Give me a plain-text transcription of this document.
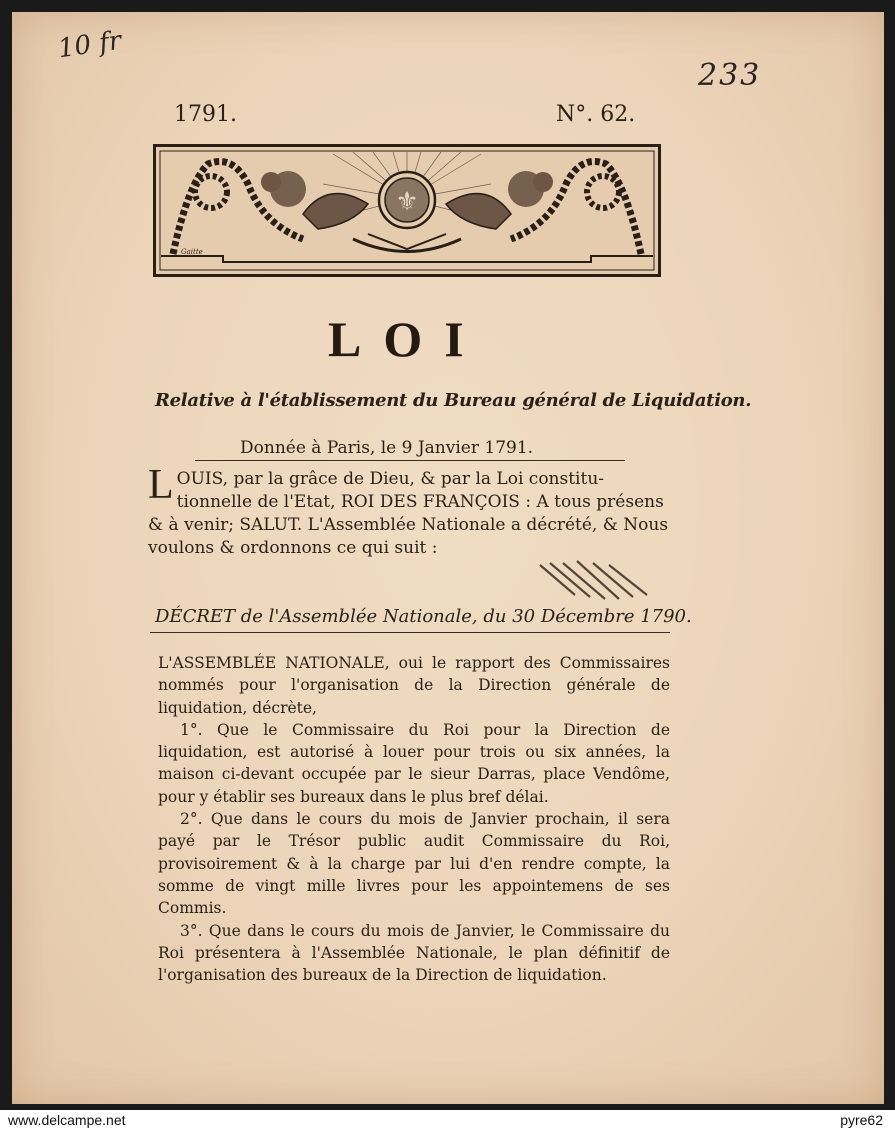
10 fr
233
1791.	N°. 62.
⚜
Gaitte
LOI
Relative à l'établissement du Bureau général de Liquidation.
Donnée à Paris, le 9 Janvier 1791.
LOUIS, par la grâce de Dieu, & par la Loi constitu-
tionnelle de l'Etat, ROI DES FRANÇOIS : A tous présens
& à venir; SALUT. L'Assemblée Nationale a décrété, & Nous
voulons & ordonnons ce qui suit :
DÉCRET de l'Assemblée Nationale, du 30 Décembre 1790.
L'ASSEMBLÉE NATIONALE, oui le rapport des Commissaires nommés pour l'organisation de la Direction générale de liquidation, décrète,
1°. Que le Commissaire du Roi pour la Direction de liquidation, est autorisé à louer pour trois ou six années, la maison ci-devant occupée par le sieur Darras, place Vendôme, pour y établir ses bureaux dans le plus bref délai.
2°. Que dans le cours du mois de Janvier prochain, il sera payé par le Trésor public audit Commissaire du Roi, provisoirement & à la charge par lui d'en rendre compte, la somme de vingt mille livres pour les appointemens de ses Commis.
3°. Que dans le cours du mois de Janvier, le Commissaire du Roi présentera à l'Assemblée Nationale, le plan définitif de l'organisation des bureaux de la Direction de liquidation.
www.delcampe.net	pyre62
